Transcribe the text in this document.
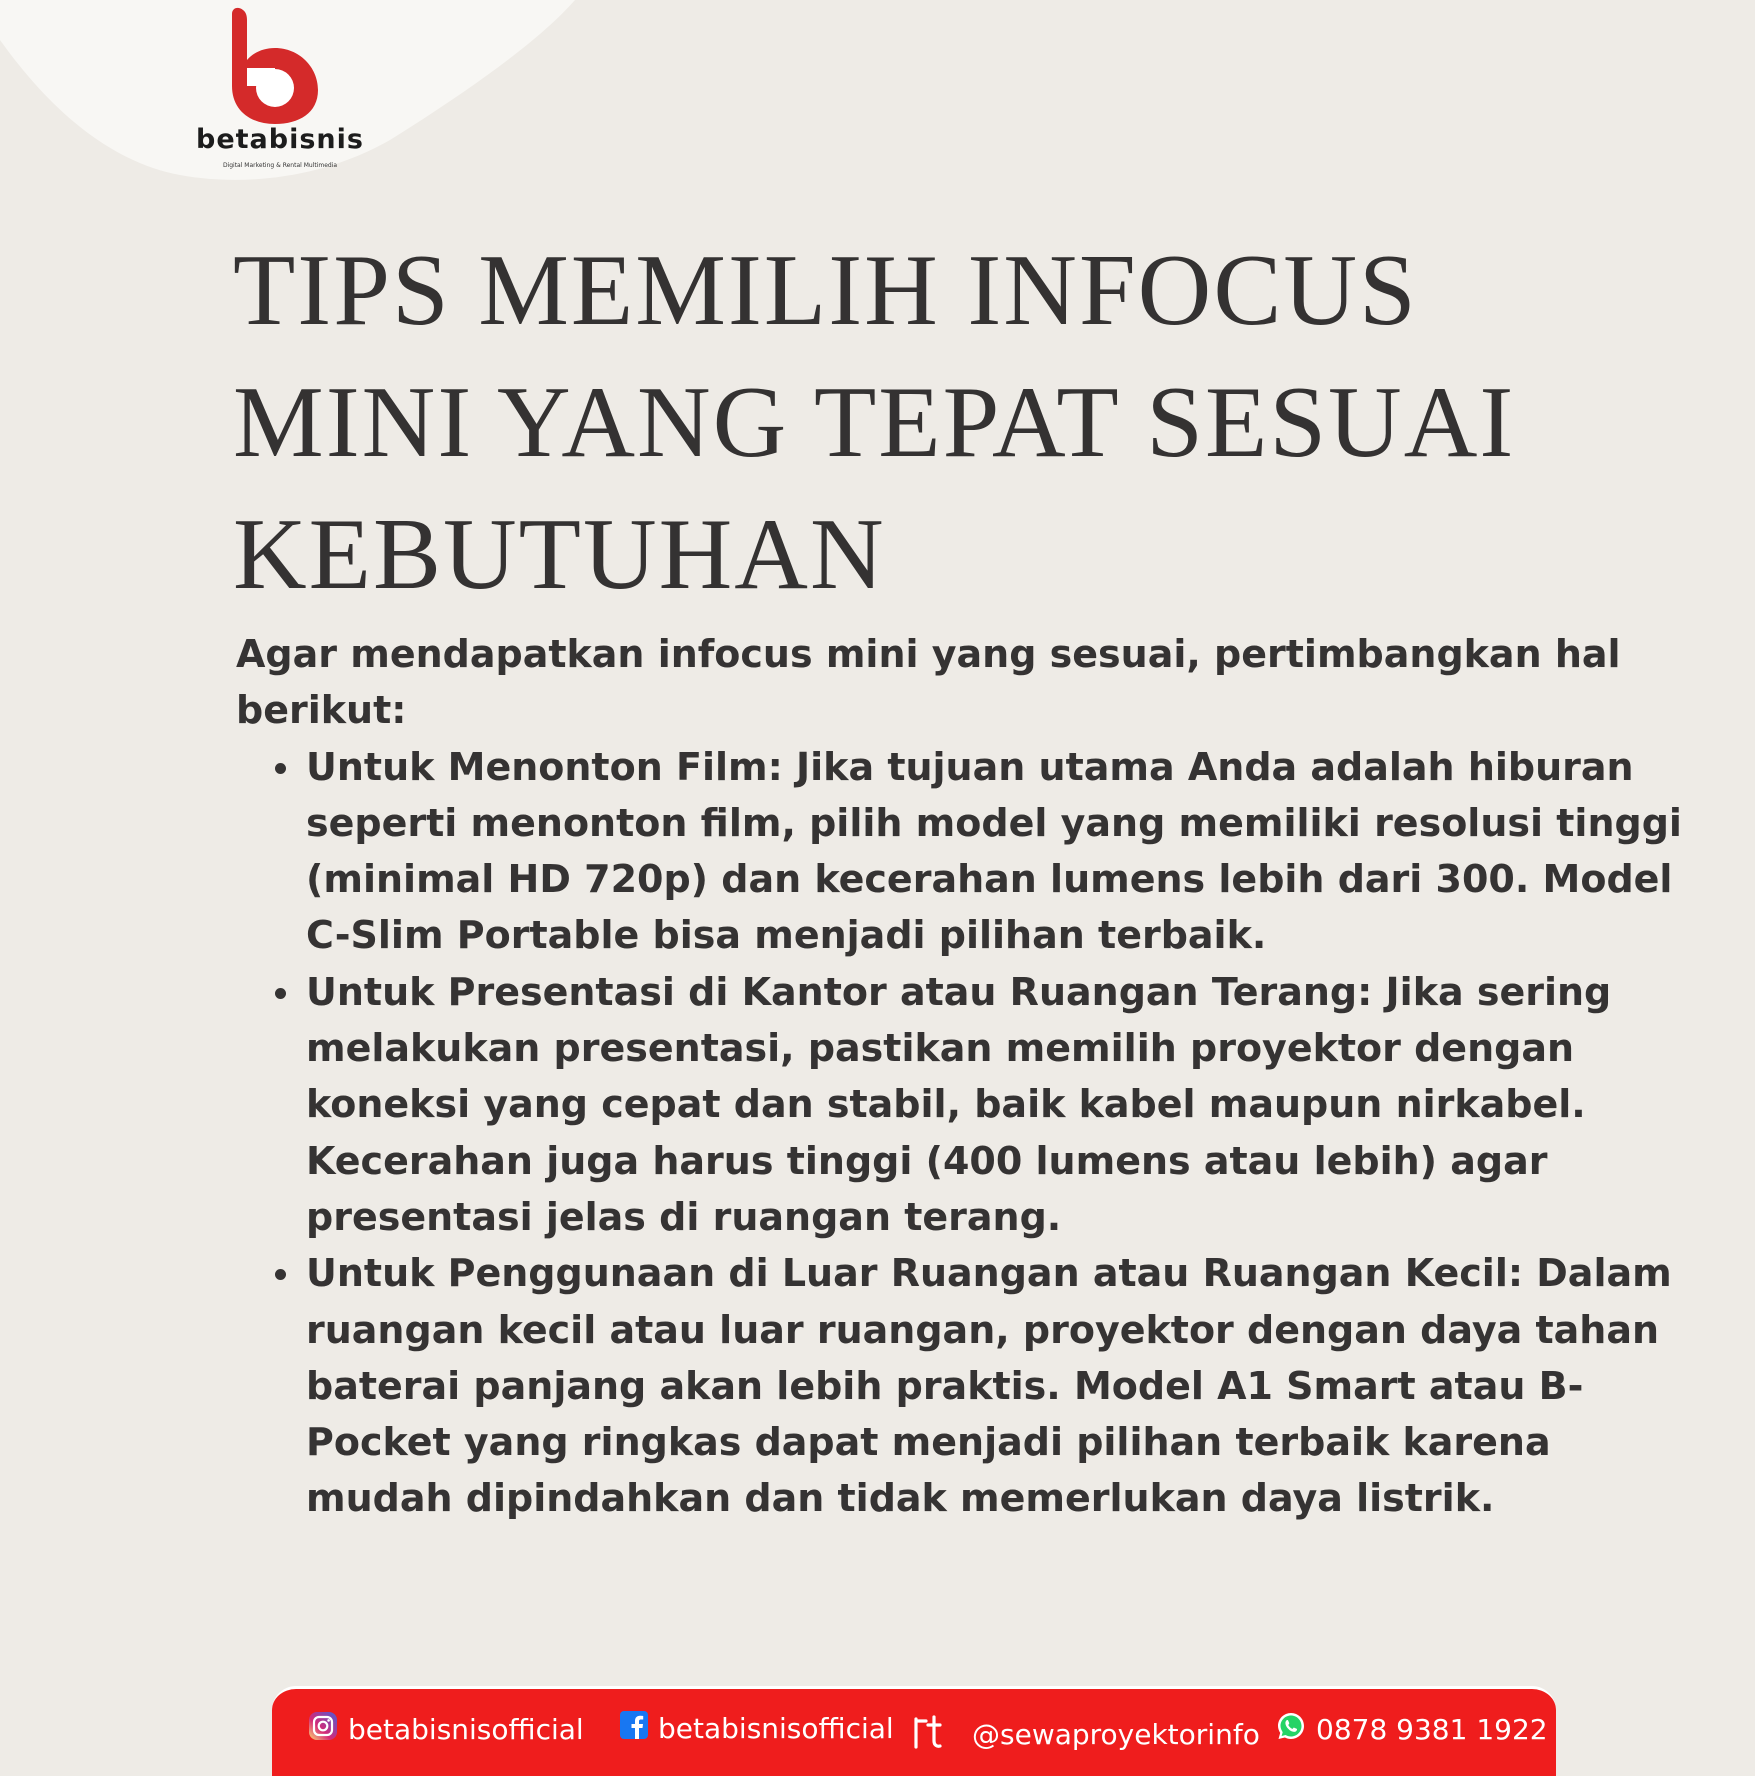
betabisnis
Digital Marketing & Rental Multimedia
TIPS MEMILIH INFOCUS
MINI YANG TEPAT SESUAI
KEBUTUHAN

Agar mendapatkan infocus mini yang sesuai, pertimbangkan hal berikut:

Untuk Menonton Film: Jika tujuan utama Anda adalah hiburan seperti menonton film, pilih model yang memiliki resolusi tinggi (minimal HD 720p) dan kecerahan lumens lebih dari 300. Model C-Slim Portable bisa menjadi pilihan terbaik.
Untuk Presentasi di Kantor atau Ruangan Terang: Jika sering melakukan presentasi, pastikan memilih proyektor dengan koneksi yang cepat dan stabil, baik kabel maupun nirkabel. Kecerahan juga harus tinggi (400 lumens atau lebih) agar presentasi jelas di ruangan terang.
Untuk Penggunaan di Luar Ruangan atau Ruangan Kecil: Dalam ruangan kecil atau luar ruangan, proyektor dengan daya tahan baterai panjang akan lebih praktis. Model A1 Smart atau B-Pocket yang ringkas dapat menjadi pilihan terbaik karena mudah dipindahkan dan tidak memerlukan daya listrik.
betabisnisofficial	betabisnisofficial	@sewaproyektorinfo 0878 9381 1922
